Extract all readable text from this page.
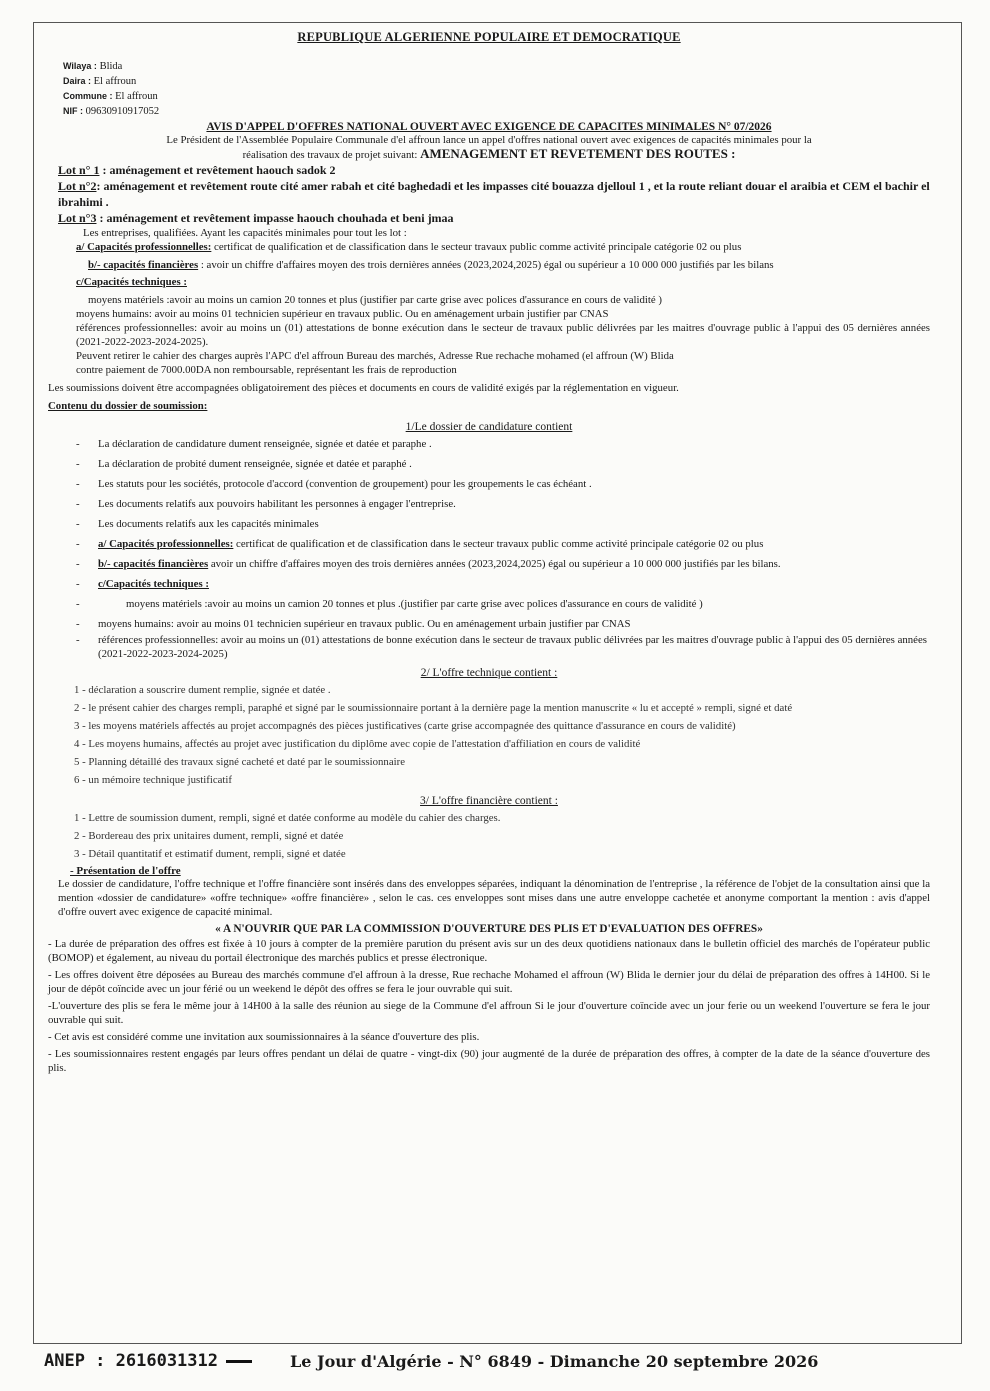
REPUBLIQUE ALGERIENNE POPULAIRE ET DEMOCRATIQUE
Wilaya : Blida
Daira : El affroun
Commune : El affroun
NIF : 09630910917052
AVIS D'APPEL D'OFFRES NATIONAL OUVERT AVEC EXIGENCE DE CAPACITES MINIMALES N° 07/2026
Le Président de l'Assemblée Populaire Communale d'el affroun lance un appel d'offres national ouvert avec exigences de capacités minimales pour la
réalisation des travaux de projet suivant: AMENAGEMENT ET REVETEMENT DES ROUTES :
Lot n° 1 : aménagement et revêtement haouch sadok 2
Lot n°2: aménagement et revêtement route cité amer rabah et cité baghedadi et les impasses cité bouazza djelloul 1 , et la route reliant douar el araibia et CEM el bachir el ibrahimi .
Lot n°3 : aménagement et revêtement impasse haouch chouhada et beni jmaa

Les entreprises, qualifiées. Ayant les capacités minimales pour tout les lot :

a/ Capacités professionnelles: certificat de qualification et de classification dans le secteur travaux public comme activité principale catégorie 02 ou plus

b/- capacités financières : avoir un chiffre d'affaires moyen des trois dernières années (2023,2024,2025) égal ou supérieur a 10 000 000 justifiés par les bilans

c/Capacités techniques :

moyens matériels :avoir au moins un camion 20 tonnes et plus (justifier par carte grise avec polices d'assurance en cours de validité )

moyens humains: avoir au moins 01 technicien supérieur en travaux public. Ou en aménagement urbain justifier par CNAS

références professionnelles: avoir au moins un (01) attestations de bonne exécution dans le secteur de travaux public délivrées par les maitres d'ouvrage public à l'appui des 05 dernières années (2021-2022-2023-2024-2025).

Peuvent retirer le cahier des charges auprès l'APC d'el affroun Bureau des marchés, Adresse Rue rechache mohamed (el affroun (W) Blida

contre paiement de 7000.00DA non remboursable, représentant les frais de reproduction

Les soumissions doivent être accompagnées obligatoirement des pièces et documents en cours de validité exigés par la réglementation en vigueur.

Contenu du dossier de soumission:

1/Le dossier de candidature contient
- La déclaration de candidature dument renseignée, signée et datée et paraphe .
- La déclaration de probité dument renseignée, signée et datée et paraphé .
- Les statuts pour les sociétés, protocole d'accord (convention de groupement) pour les groupements le cas échéant .
- Les documents relatifs aux pouvoirs habilitant les personnes à engager l'entreprise.
- Les documents relatifs aux les capacités minimales
- a/ Capacités professionnelles: certificat de qualification et de classification dans le secteur travaux public comme activité principale catégorie 02 ou plus
- b/- capacités financières avoir un chiffre d'affaires moyen des trois dernières années (2023,2024,2025) égal ou supérieur a 10 000 000 justifiés par les bilans.
- c/Capacités techniques :
- moyens matériels :avoir au moins un camion 20 tonnes et plus .(justifier par carte grise avec polices d'assurance en cours de validité )
- moyens humains: avoir au moins 01 technicien supérieur en travaux public. Ou en aménagement urbain justifier par CNAS
- références professionnelles: avoir au moins un (01) attestations de bonne exécution dans le secteur de travaux public délivrées par les maitres d'ouvrage public à l'appui des 05 dernières années (2021-2022-2023-2024-2025)
2/ L'offre technique contient :
1 - déclaration a souscrire dument remplie, signée et datée .
2 - le présent cahier des charges rempli, paraphé et signé par le soumissionnaire portant à la dernière page la mention manuscrite « lu et accepté » rempli, signé et daté
3 - les moyens matériels affectés au projet accompagnés des pièces justificatives (carte grise accompagnée des quittance d'assurance en cours de validité)
4 - Les moyens humains, affectés au projet avec justification du diplôme avec copie de l'attestation d'affiliation en cours de validité
5 - Planning détaillé des travaux signé cacheté et daté par le soumissionnaire
6 - un mémoire technique justificatif
3/ L'offre financière contient :
1 - Lettre de soumission dument, rempli, signé et datée conforme au modèle du cahier des charges.
2 - Bordereau des prix unitaires dument, rempli, signé et datée
3 - Détail quantitatif et estimatif dument, rempli, signé et datée
- Présentation de l'offre

Le dossier de candidature, l'offre technique et l'offre financière sont insérés dans des enveloppes séparées, indiquant la dénomination de l'entreprise , la référence de l'objet de la consultation ainsi que la mention «dossier de candidature» «offre technique» «offre financière» , selon le cas. ces enveloppes sont mises dans une autre enveloppe cachetée et anonyme comportant la mention : avis d'appel d'offre ouvert avec exigence de capacité minimal.

« A N'OUVRIR QUE PAR LA COMMISSION D'OUVERTURE DES PLIS ET D'EVALUATION DES OFFRES»

- La durée de préparation des offres est fixée à 10 jours à compter de la première parution du présent avis sur un des deux quotidiens nationaux dans le bulletin officiel des marchés de l'opérateur public (BOMOP) et également, au niveau du portail électronique des marchés publics et presse électronique.

- Les offres doivent être déposées au Bureau des marchés commune d'el affroun à la dresse, Rue rechache Mohamed el affroun (W) Blida le dernier jour du délai de préparation des offres à 14H00. Si le jour de dépôt coïncide avec un jour férié ou un weekend le dépôt des offres se fera le jour ouvrable qui suit.

-L'ouverture des plis se fera le même jour à 14H00 à la salle des réunion au siege de la Commune d'el affroun Si le jour d'ouverture coïncide avec un jour ferie ou un weekend l'ouverture se fera le jour ouvrable qui suit.

- Cet avis est considéré comme une invitation aux soumissionnaires à la séance d'ouverture des plis.

- Les soumissionnaires restent engagés par leurs offres pendant un délai de quatre - vingt-dix (90) jour augmenté de la durée de préparation des offres, à compter de la date de la séance d'ouverture des plis.

ANEP : 2616031312	Le Jour d'Algérie - N° 6849 - Dimanche 20 septembre 2026
